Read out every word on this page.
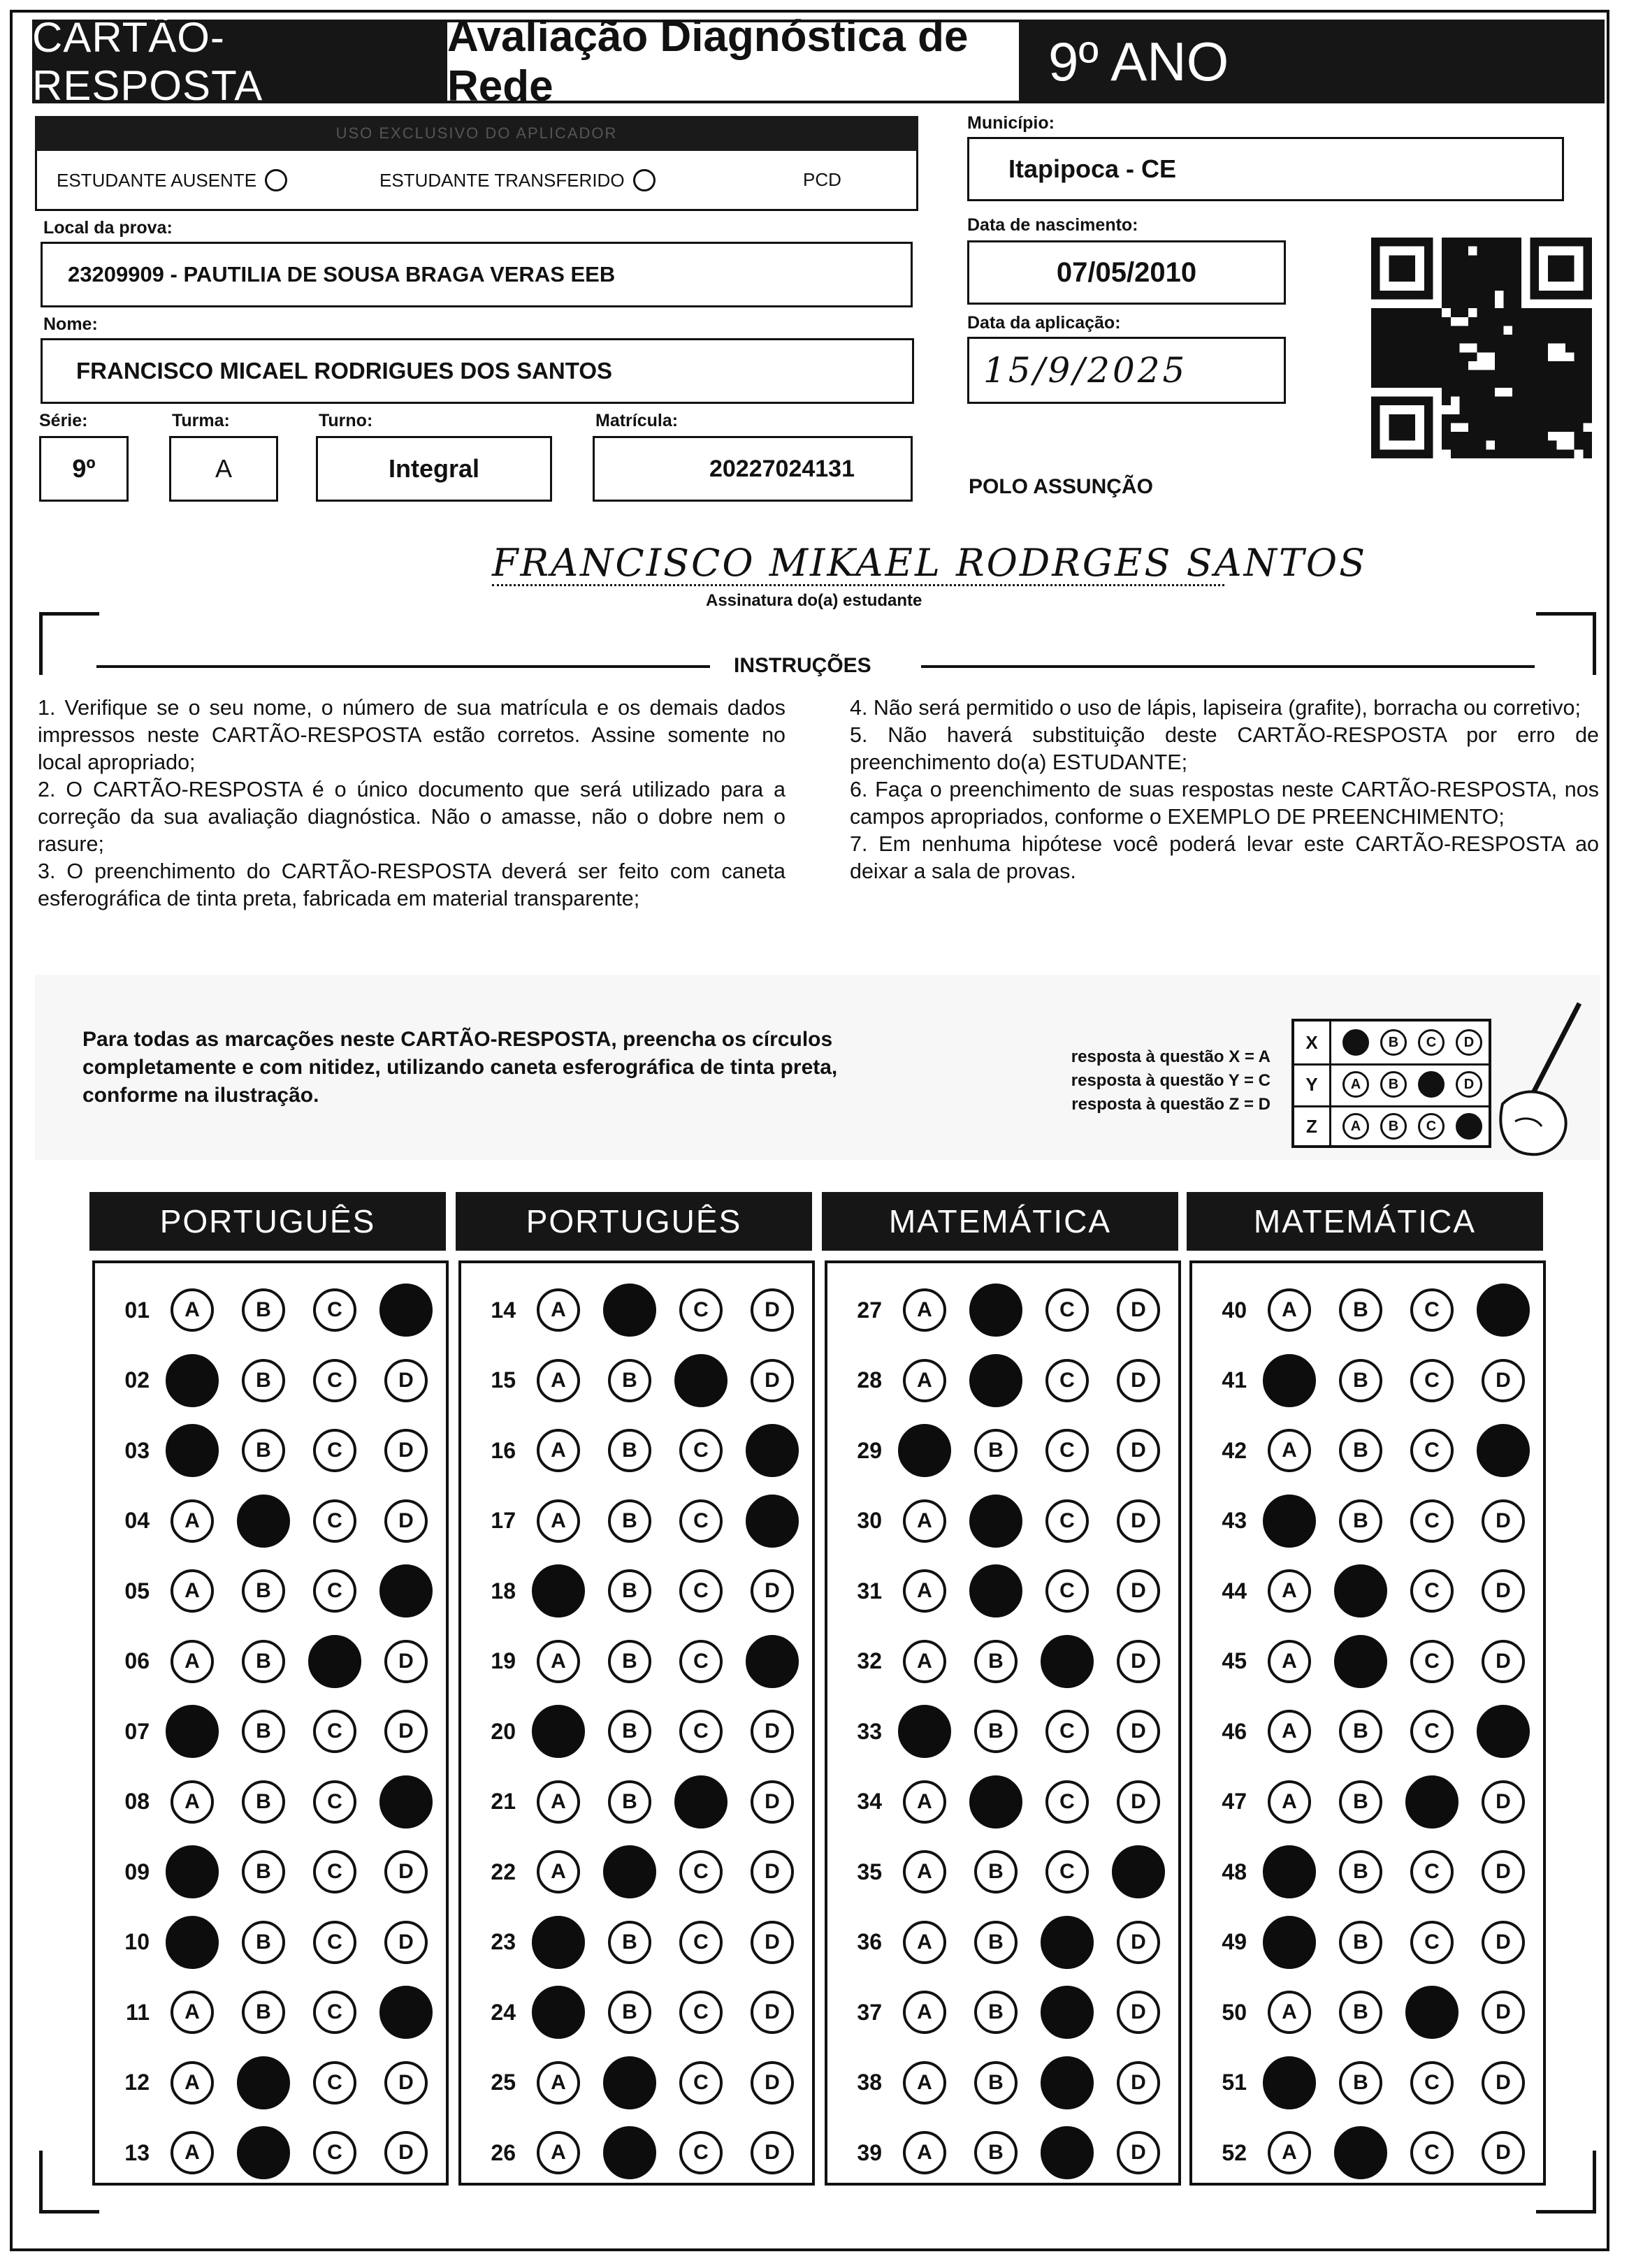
CARTÃO-RESPOSTA
Avaliação Diagnóstica de Rede	9º ANO
USO EXCLUSIVO DO APLICADOR
ESTUDANTE AUSENTE	ESTUDANTE TRANSFERIDO	PCD
Município:
Itapipoca - CE
Local da prova:
23209909 - PAUTILIA DE SOUSA BRAGA VERAS EEB
Data de nascimento:
07/05/2010
Nome:
FRANCISCO MICAEL RODRIGUES DOS SANTOS
Data da aplicação:
15/9/2025
Série:
9º
Turma:
A
Turno:
Integral
Matrícula:
20227024131
POLO ASSUNÇÃO
FRANCISCO MIKAEL RODRGES SANTOS
Assinatura do(a) estudante
INSTRUÇÕES

1. Verifique se o seu nome, o número de sua matrícula e os demais dados impressos neste CARTÃO-RESPOSTA estão corretos. Assine somente no local apropriado;

2. O CARTÃO-RESPOSTA é o único documento que será utilizado para a correção da sua avaliação diagnóstica. Não o amasse, não o dobre nem o rasure;

3. O preenchimento do CARTÃO-RESPOSTA deverá ser feito com caneta esferográfica de tinta preta, fabricada em material transparente;

4. Não será permitido o uso de lápis, lapiseira (grafite), borracha ou corretivo;

5. Não haverá substituição deste CARTÃO-RESPOSTA por erro de preenchimento do(a) ESTUDANTE;

6. Faça o preenchimento de suas respostas neste CARTÃO-RESPOSTA, nos campos apropriados, conforme o EXEMPLO DE PREENCHIMENTO;

7. Em nenhuma hipótese você poderá levar este CARTÃO-RESPOSTA ao deixar a sala de provas.

Para todas as marcações neste CARTÃO-RESPOSTA, preencha os círculos completamente e com nitidez, utilizando caneta esferográfica de tinta preta, conforme na ilustração.
resposta à questão X = A
resposta à questão Y = C
resposta à questão Z = D
X	B	C	D
Y	A	B	D
Z	A	B	C
PORTUGUÊS
01	A	B	C
02	B	C	D
03	B	C	D
04	A	C	D
05	A	B	C
06	A	B	D
07	B	C	D
08	A	B	C
09	B	C	D
10	B	C	D
11	A	B	C
12	A	C	D
13	A	C	D
PORTUGUÊS
14	A	C	D
15	A	B	D
16	A	B	C
17	A	B	C
18	B	C	D
19	A	B	C
20	B	C	D
21	A	B	D
22	A	C	D
23	B	C	D
24	B	C	D
25	A	C	D
26	A	C	D
MATEMÁTICA
27	A	C	D
28	A	C	D
29	B	C	D
30	A	C	D
31	A	C	D
32	A	B	D
33	B	C	D
34	A	C	D
35	A	B	C
36	A	B	D
37	A	B	D
38	A	B	D
39	A	B	D
MATEMÁTICA
40	A	B	C
41	B	C	D
42	A	B	C
43	B	C	D
44	A	C	D
45	A	C	D
46	A	B	C
47	A	B	D
48	B	C	D
49	B	C	D
50	A	B	D
51	B	C	D
52	A	C	D
